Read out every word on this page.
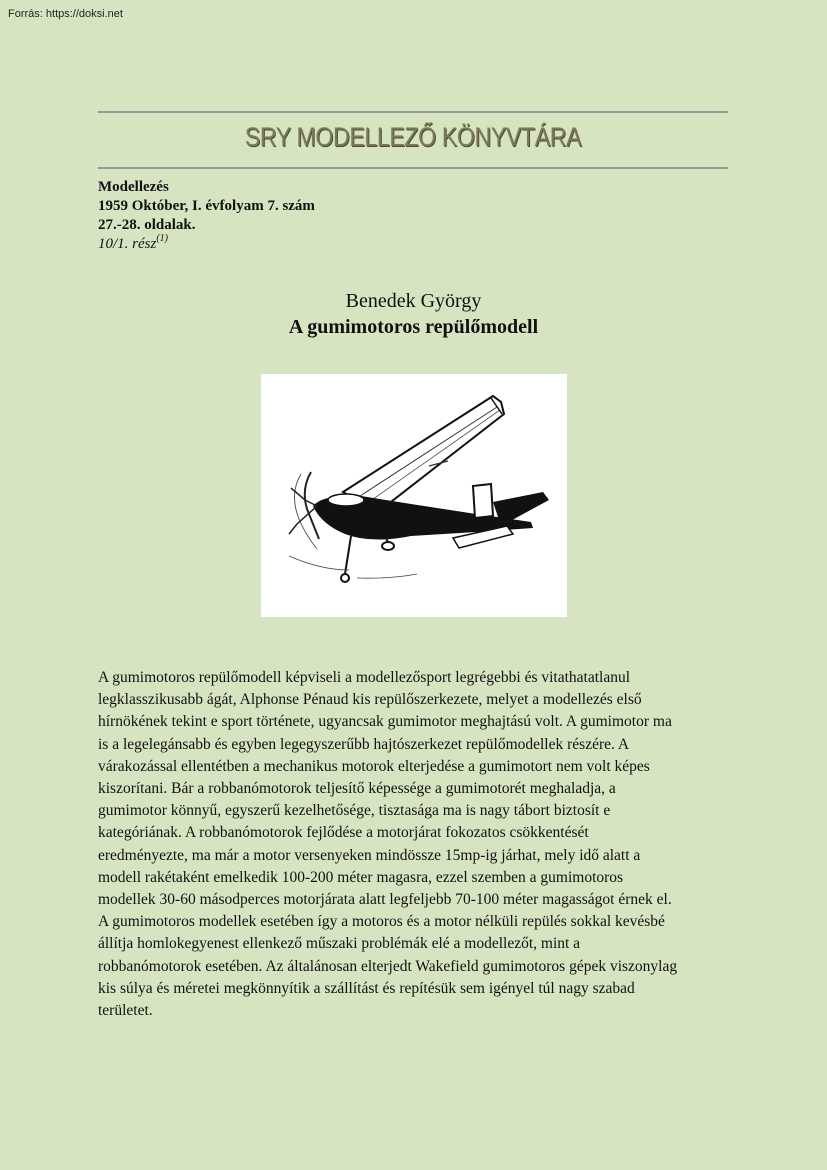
Forrás: https://doksi.net
SRY MODELLEZŐ KÖNYVTÁRA
Modellezés
1959 Október, I. évfolyam 7. szám
27.-28. oldalak.
10/1. rész$^{(1)}$
Benedek György
A gumimotoros repülőmodell
A gumimotoros repülőmodell képviseli a modellezősport legrégebbi és vitathatatlanul
legklasszikusabb ágát, Alphonse Pénaud kis repülőszerkezete, melyet a modellezés első
hírnökének tekint e sport története, ugyancsak gumimotor meghajtású volt. A gumimotor ma
is a legelegánsabb és egyben legegyszerűbb hajtószerkezet repülőmodellek részére. A
várakozással ellentétben a mechanikus motorok elterjedése a gumimotort nem volt képes
kiszorítani. Bár a robbanómotorok teljesítő képessége a gumimotorét meghaladja, a
gumimotor könnyű, egyszerű kezelhetősége, tisztasága ma is nagy tábort biztosít e
kategóriának. A robbanómotorok fejlődése a motorjárat fokozatos csökkentését
eredményezte, ma már a motor versenyeken mindössze 15mp-ig járhat, mely idő alatt a
modell rakétaként emelkedik 100-200 méter magasra, ezzel szemben a gumimotoros
modellek 30-60 másodperces motorjárata alatt legfeljebb 70-100 méter magasságot érnek el.
A gumimotoros modellek esetében így a motoros és a motor nélküli repülés sokkal kevésbé
állítja homlokegyenest ellenkező műszaki problémák elé a modellezőt, mint a
robbanómotorok esetében. Az általánosan elterjedt Wakefield gumimotoros gépek viszonylag
kis súlya és méretei megkönnyítik a szállítást és repítésük sem igényel túl nagy szabad
területet.
